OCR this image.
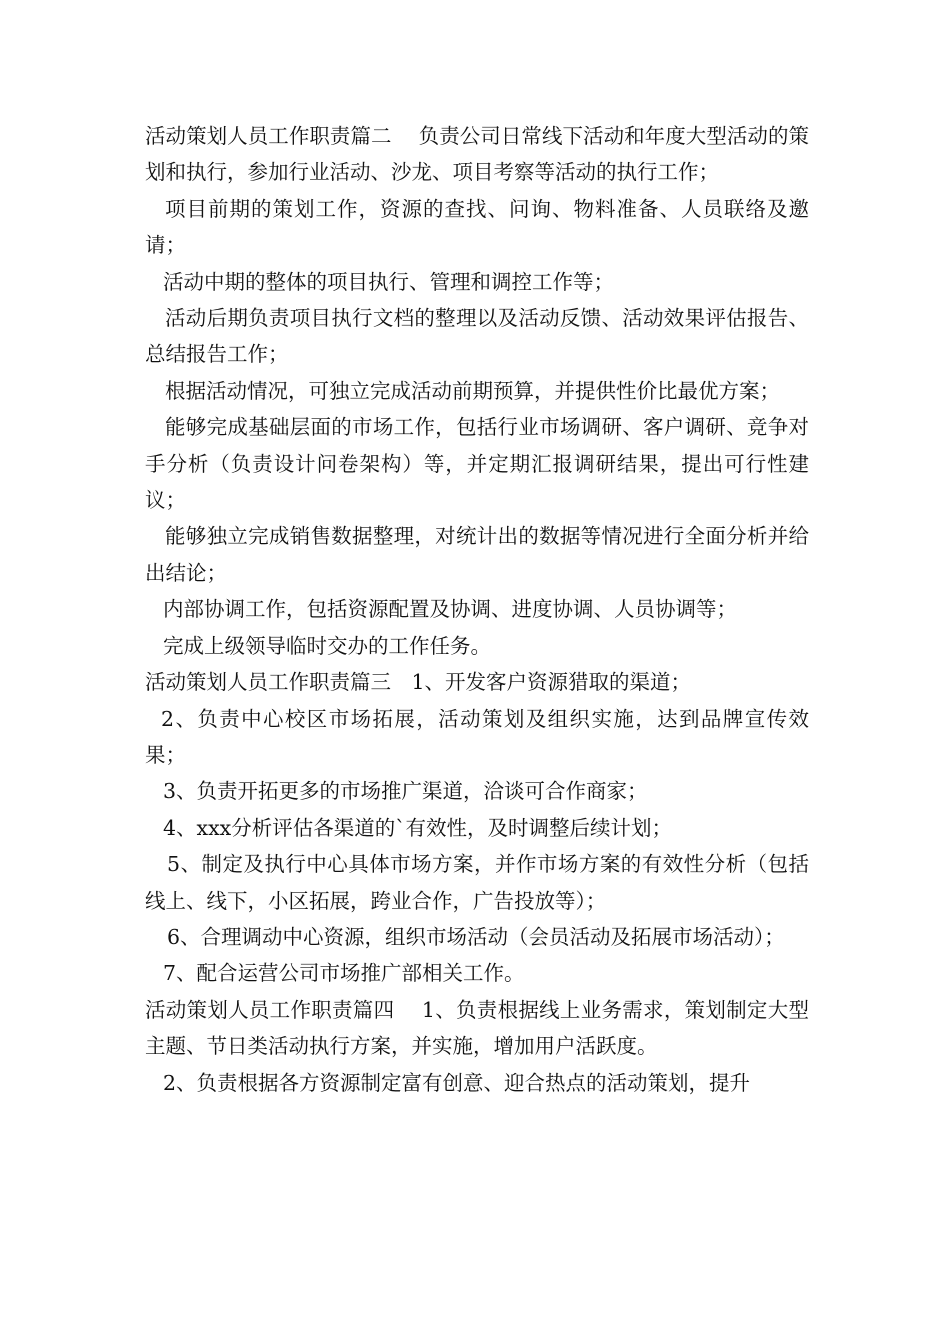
活动策划人员工作职责篇二　 负责公司日常线下活动和年度大型活动的策划和执行，参加行业活动、沙龙、项目考察等活动的执行工作；

项目前期的策划工作，资源的查找、问询、物料准备、人员联络及邀请；

活动中期的整体的项目执行、管理和调控工作等；

活动后期负责项目执行文档的整理以及活动反馈、活动效果评估报告、总结报告工作；

根据活动情况，可独立完成活动前期预算，并提供性价比最优方案；

能够完成基础层面的市场工作，包括行业市场调研、客户调研、竞争对手分析（负责设计问卷架构）等，并定期汇报调研结果，提出可行性建议；

能够独立完成销售数据整理，对统计出的数据等情况进行全面分析并给出结论；

内部协调工作，包括资源配置及协调、进度协调、人员协调等；

完成上级领导临时交办的工作任务。

活动策划人员工作职责篇三　1、开发客户资源猎取的渠道；

2、负责中心校区市场拓展，活动策划及组织实施，达到品牌宣传效果；

3、负责开拓更多的市场推广渠道，洽谈可合作商家；

4、xxx分析评估各渠道的`有效性，及时调整后续计划；

5、制定及执行中心具体市场方案，并作市场方案的有效性分析（包括线上、线下，小区拓展，跨业合作，广告投放等）；

6、合理调动中心资源，组织市场活动（会员活动及拓展市场活动）；

7、配合运营公司市场推广部相关工作。

活动策划人员工作职责篇四　 1、负责根据线上业务需求，策划制定大型主题、节日类活动执行方案，并实施，增加用户活跃度。

2、负责根据各方资源制定富有创意、迎合热点的活动策划，提升
